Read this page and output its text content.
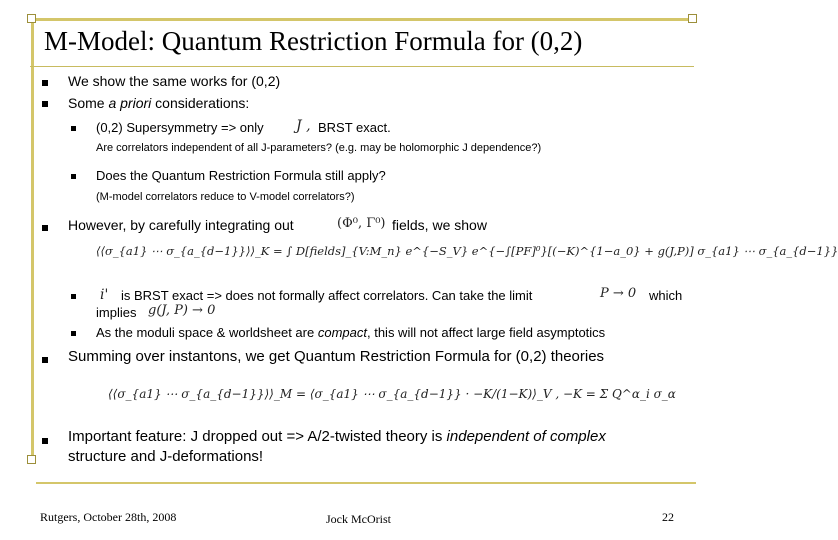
M-Model: Quantum Restriction Formula for (0,2)
We show the same works for (0,2)
Some a priori considerations:
(0,2) Supersymmetry => only J , BRST exact.
Are correlators independent of all J-parameters? (e.g. may be holomorphic J dependence?)
Does the Quantum Restriction Formula still apply?
(M-model correlators reduce to V-model correlators?)
However, by carefully integrating out	(Φ⁰, Γ⁰) fields, we show
⟨⟨σ_{a1} ⋯ σ_{a_{d−1}}⟩⟩_K = ∫ D[fields]_{V:M_n} e^{−S_V} e^{−∫[PF]⁰}[(−K)^{1−a_0} + g(J,P)] σ_{a1} ⋯ σ_{a_{d−1}}
i' is BRST exact => does not formally affect correlators. Can take the limit	P → 0 which
implies g(J, P) → 0
As the moduli space & worldsheet are compact, this will not affect large field asymptotics
Summing over instantons, we get Quantum Restriction Formula for (0,2) theories
⟨⟨σ_{a1} ⋯ σ_{a_{d−1}}⟩⟩_M = ⟨σ_{a1} ⋯ σ_{a_{d−1}} · −K/(1−K)⟩_V , −K = Σ Q^α_i σ_α
Important feature: J dropped out => A/2-twisted theory is independent of complex
structure and J-deformations!
Rutgers, October 28th, 2008	Jock McOrist	22
